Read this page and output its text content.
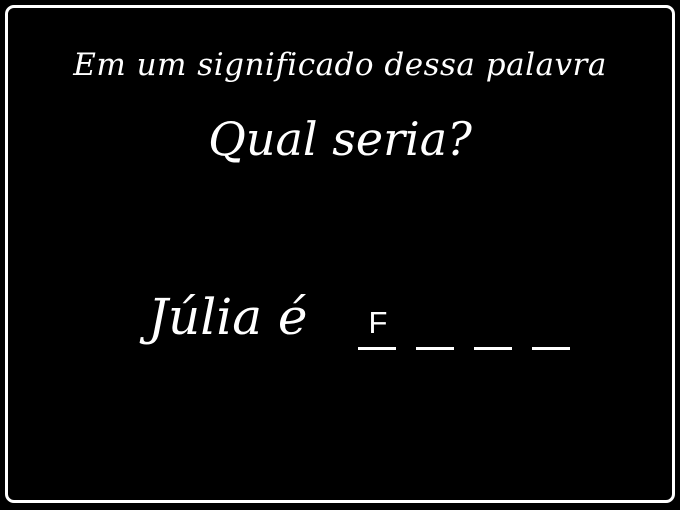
Em um significado dessa palavra
Qual seria?
Júlia é F
